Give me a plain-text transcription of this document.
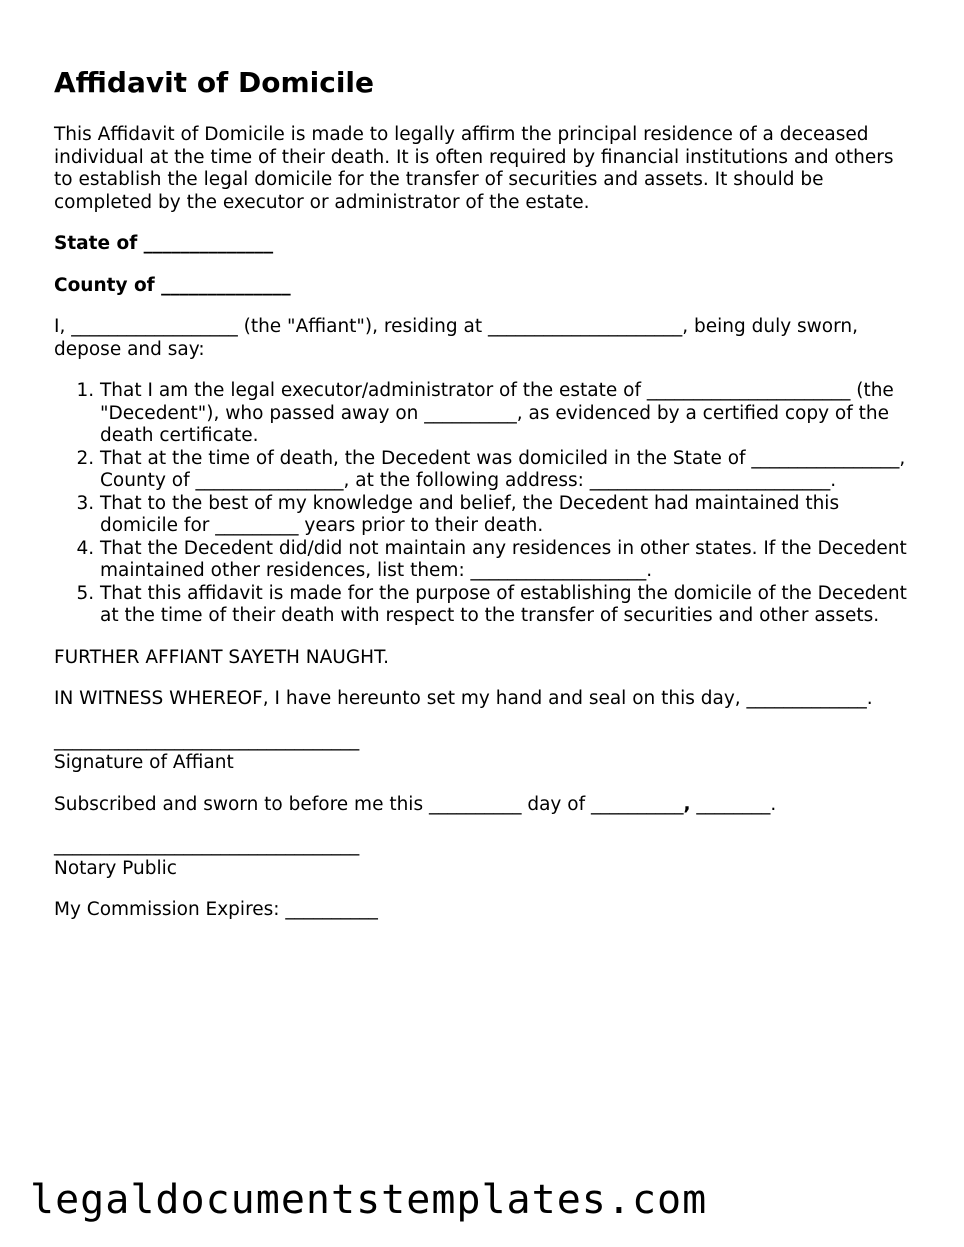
Affidavit of Domicile

This Affidavit of Domicile is made to legally affirm the principal residence of a deceased individual at the time of their death. It is often required by financial institutions and others to establish the legal domicile for the transfer of securities and assets. It should be completed by the executor or administrator of the estate.

State of ______________

County of ______________

I, __________________ (the "Affiant"), residing at _____________________, being duly sworn, depose and say:

1. That I am the legal executor/administrator of the estate of ______________________ (the "Decedent"), who passed away on __________, as evidenced by a certified copy of the death certificate.
2. That at the time of death, the Decedent was domiciled in the State of ________________, County of ________________, at the following address: __________________________.
3. That to the best of my knowledge and belief, the Decedent had maintained this domicile for _________ years prior to their death.
4. That the Decedent did/did not maintain any residences in other states. If the Decedent maintained other residences, list them: ___________________.
5. That this affidavit is made for the purpose of establishing the domicile of the Decedent at the time of their death with respect to the transfer of securities and other assets.

FURTHER AFFIANT SAYETH NAUGHT.

IN WITNESS WHEREOF, I have hereunto set my hand and seal on this day, _____________.

_________________________________

Signature of Affiant

Subscribed and sworn to before me this __________ day of __________, ________.

_________________________________

Notary Public

My Commission Expires: __________

legaldocumentstemplates.com
